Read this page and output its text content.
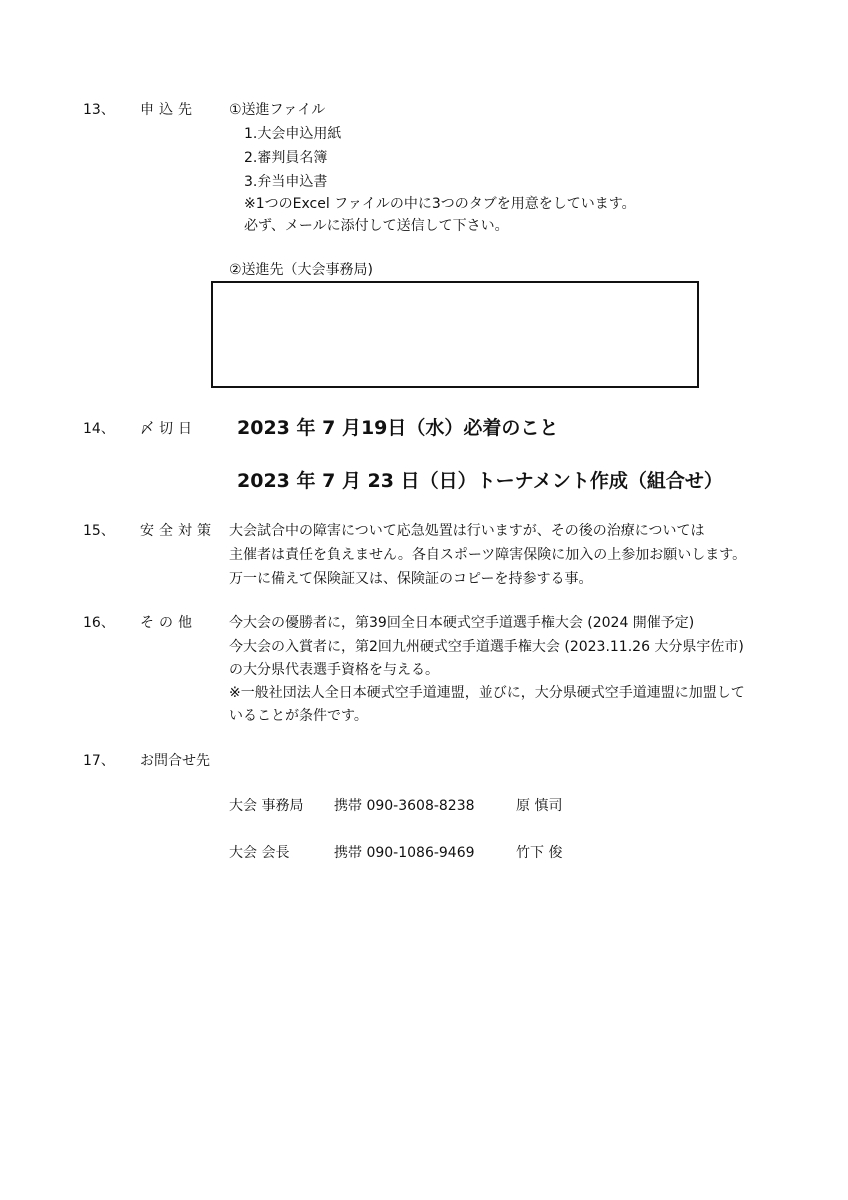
13、 申込先 ①送進ファイル
1.大会申込用紙
2.審判員名簿
3.弁当申込書
※1つのExcel ファイルの中に3つのタブを用意をしています。
必ず、メールに添付して送信して下さい。
②送進先（大会事務局)
14、 〆切日 2023 年 7 月19日（水）必着のこと
2023 年 7 月 23 日（日）トーナメント作成（組合せ）
15、 安全対策 大会試合中の障害について応急処置は行いますが、その後の治療については
主催者は責任を負えません。各自スポーツ障害保険に加入の上参加お願いします。
万一に備えて保険証又は、保険証のコピーを持参する事。
16、 その他 今大会の優勝者に，第39回全日本硬式空手道選手権大会 (2024 開催予定)
今大会の入賞者に，第2回九州硬式空手道選手権大会 (2023.11.26 大分県宇佐市)
の大分県代表選手資格を与える。
※一般社団法人全日本硬式空手道連盟，並びに，大分県硬式空手道連盟に加盟して
いることが条件です。
17、 お問合せ先
大会 事務局 携帯 090-3608-8238	原 慎司
大会 会長	携帯 090-1086-9469	竹下 俊
